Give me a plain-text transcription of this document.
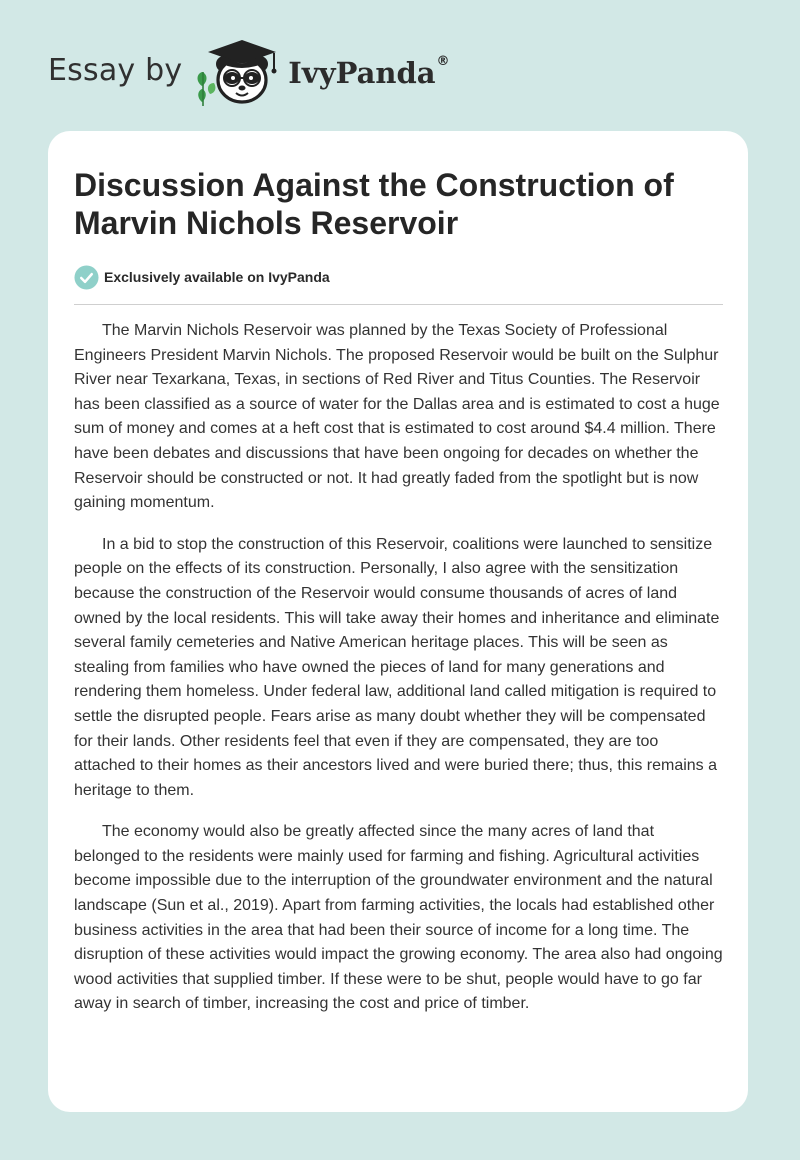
Essay by	IvyPanda®
Discussion Against the Construction of Marvin Nichols Reservoir
Exclusively available on IvyPanda

The Marvin Nichols Reservoir was planned by the Texas Society of Professional Engineers President Marvin Nichols. The proposed Reservoir would be built on the Sulphur River near Texarkana, Texas, in sections of Red River and Titus Counties. The Reservoir has been classified as a source of water for the Dallas area and is estimated to cost a huge sum of money and comes at a heft cost that is estimated to cost around $4.4 million. There have been debates and discussions that have been ongoing for decades on whether the Reservoir should be constructed or not. It had greatly faded from the spotlight but is now gaining momentum.

In a bid to stop the construction of this Reservoir, coalitions were launched to sensitize people on the effects of its construction. Personally, I also agree with the sensitization because the construction of the Reservoir would consume thousands of acres of land owned by the local residents. This will take away their homes and inheritance and eliminate several family cemeteries and Native American heritage places. This will be seen as stealing from families who have owned the pieces of land for many generations and rendering them homeless. Under federal law, additional land called mitigation is required to settle the disrupted people. Fears arise as many doubt whether they will be compensated for their lands. Other residents feel that even if they are compensated, they are too attached to their homes as their ancestors lived and were buried there; thus, this remains a heritage to them.

The economy would also be greatly affected since the many acres of land that belonged to the residents were mainly used for farming and fishing. Agricultural activities become impossible due to the interruption of the groundwater environment and the natural landscape (Sun et al., 2019). Apart from farming activities, the locals had established other business activities in the area that had been their source of income for a long time. The disruption of these activities would impact the growing economy. The area also had ongoing wood activities that supplied timber. If these were to be shut, people would have to go far away in search of timber, increasing the cost and price of timber.
